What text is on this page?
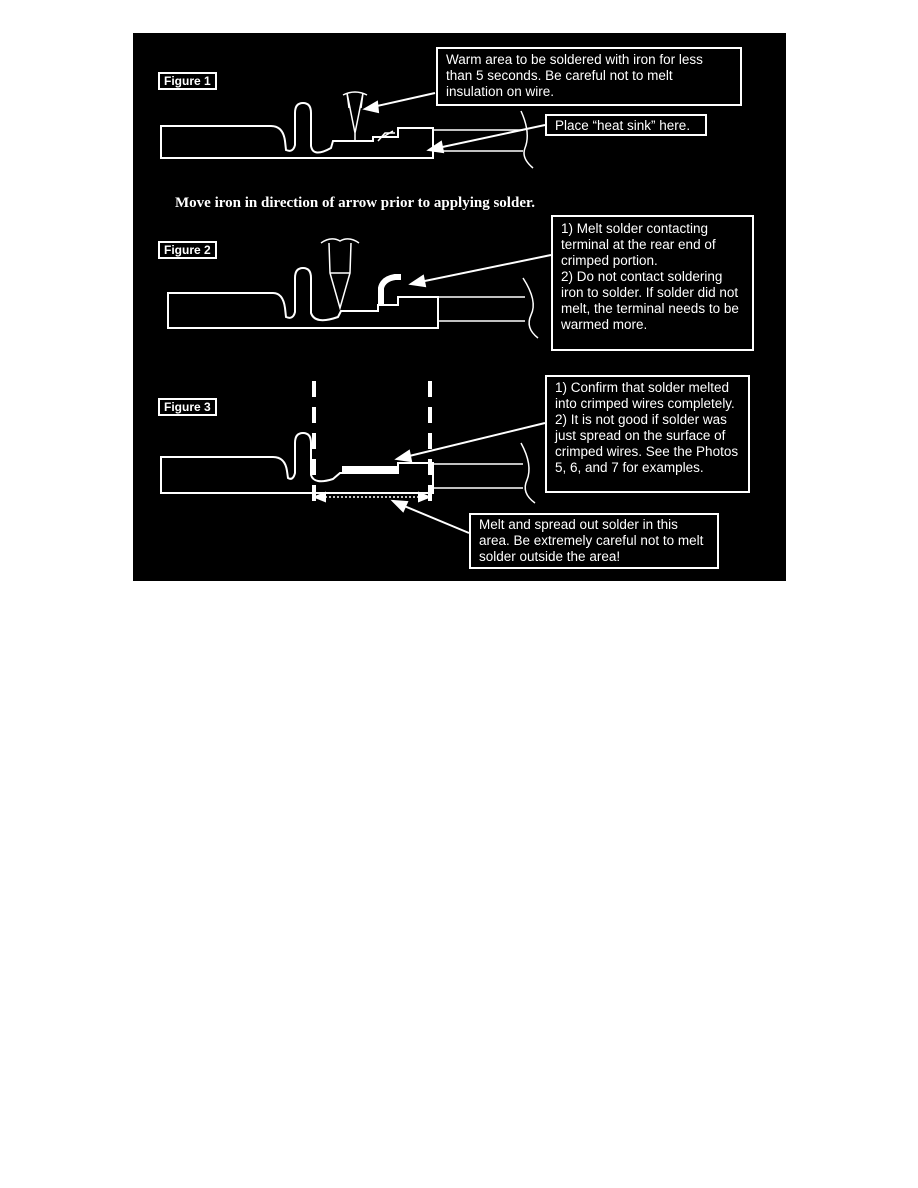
Figure 1
Warm area to be soldered with iron for less
than 5 seconds. Be careful not to melt
insulation on wire.
Place “heat sink” here.
Move iron in direction of arrow prior to applying solder.
Figure 2
1) Melt solder contacting
terminal at the rear end of
crimped portion.
2) Do not contact soldering
iron to solder. If solder did not
melt, the terminal needs to be
warmed more.
Figure 3
1) Confirm that solder melted
into crimped wires completely.
2) It is not good if solder was
just spread on the surface of
crimped wires. See the Photos
5, 6, and 7 for examples.
Melt and spread out solder in this
area. Be extremely careful not to melt
solder outside the area!
